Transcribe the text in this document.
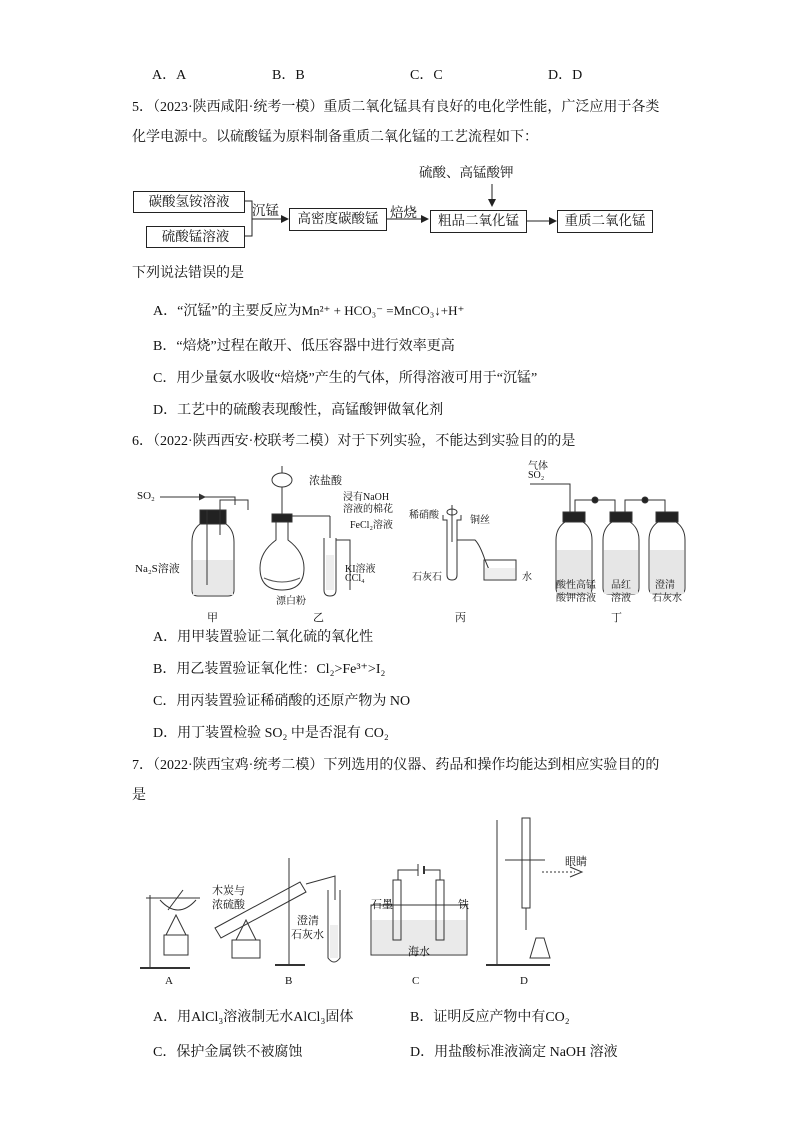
A．A	B．B	C．C	D．D
5．（2023·陕西咸阳·统考一模）重质二氧化锰具有良好的电化学性能，广泛应用于各类
化学电源中。以硫酸锰为原料制备重质二氧化锰的工艺流程如下：
碳酸氢铵溶液
硫酸锰溶液
沉锰
高密度碳酸锰 焙烧
硫酸、高锰酸钾
粗品二氧化锰	重质二氧化锰
下列说法错误的是
A．“沉锰”的主要反应为Mn²⁺ + HCO₃⁻ =MnCO₃↓+H⁺
B．“焙烧”过程在敞开、低压容器中进行效率更高
C．用少量氨水吸收“焙烧”产生的气体，所得溶液可用于“沉锰”
D．工艺中的硫酸表现酸性，高锰酸钾做氧化剂
6．（2022·陕西西安·校联考二模）对于下列实验，不能达到实验目的的是
SO₂
Na₂S溶液
甲
浓盐酸
浸有NaOH
溶液的棉花
FeCl₂溶液
KI溶液
CCl₄
漂白粉
乙
稀硝酸	铜丝
石灰石	水
丙
气体
SO₂
酸性高锰
酸钾溶液
品红
溶液
澄清
石灰水
丁
A．用甲装置验证二氧化硫的氧化性
B．用乙装置验证氧化性：Cl₂>Fe³⁺>I₂
C．用丙装置验证稀硝酸的还原产物为 NO
D．用丁装置检验 SO₂ 中是否混有 CO₂
7．（2022·陕西宝鸡·统考二模）下列选用的仪器、药品和操作均能达到相应实验目的的
是
A
木炭与
浓硫酸
澄清
石灰水
B
石墨	铁
海水
C
眼睛
D
A．用AlCl₃溶液制无水AlCl₃固体	B．证明反应产物中有CO₂
C．保护金属铁不被腐蚀	D．用盐酸标准液滴定 NaOH 溶液
